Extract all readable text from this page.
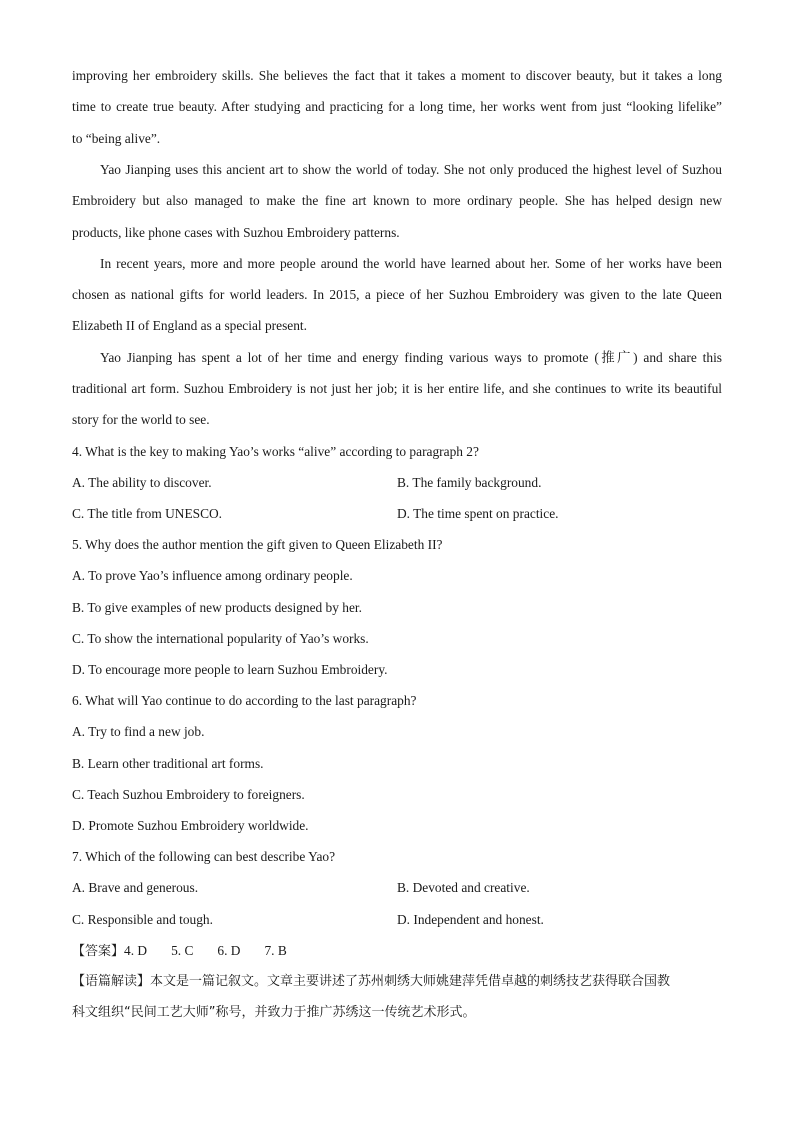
improving her embroidery skills. She believes the fact that it takes a moment to discover beauty, but it takes a long
time to create true beauty. After studying and practicing for a long time, her works went from just “looking lifelike”
to “being alive”.
Yao Jianping uses this ancient art to show the world of today. She not only produced the highest level of Suzhou
Embroidery but also managed to make the fine art known to more ordinary people. She has helped design new
products, like phone cases with Suzhou Embroidery patterns.
In recent years, more and more people around the world have learned about her. Some of her works have been
chosen as national gifts for world leaders. In 2015, a piece of her Suzhou Embroidery was given to the late Queen
Elizabeth II of England as a special present.
Yao Jianping has spent a lot of her time and energy finding various ways to promote (推广) and share this
traditional art form. Suzhou Embroidery is not just her job; it is her entire life, and she continues to write its beautiful
story for the world to see.
4. What is the key to making Yao’s works “alive” according to paragraph 2?
A. The ability to discover.	B. The family background.
C. The title from UNESCO.	D. The time spent on practice.
5. Why does the author mention the gift given to Queen Elizabeth II?
A. To prove Yao’s influence among ordinary people.
B. To give examples of new products designed by her.
C. To show the international popularity of Yao’s works.
D. To encourage more people to learn Suzhou Embroidery.
6. What will Yao continue to do according to the last paragraph?
A. Try to find a new job.
B. Learn other traditional art forms.
C. Teach Suzhou Embroidery to foreigners.
D. Promote Suzhou Embroidery worldwide.
7. Which of the following can best describe Yao?
A. Brave and generous.	B. Devoted and creative.
C. Responsible and tough.	D. Independent and honest.
【答案】4. D 5. C 6. D 7. B
【语篇解读】本文是一篇记叙文。文章主要讲述了苏州刺绣大师姚建萍凭借卓越的刺绣技艺获得联合国教
科文组织“民间工艺大师”称号，并致力于推广苏绣这一传统艺术形式。
